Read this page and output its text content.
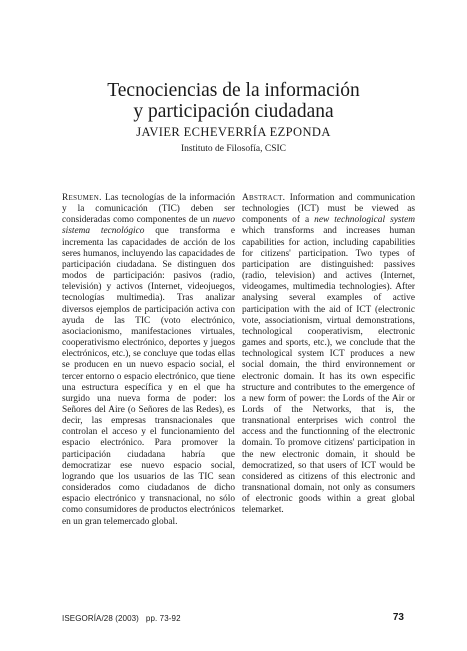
Tecnociencias de la información
y participación ciudadana
JAVIER ECHEVERRÍA EZPONDA
Instituto de Filosofía, CSIC
Resumen. Las tecnologías de la información y la comunicación (TIC) deben ser consideradas como componentes de un nuevo sistema tecnológico que transforma e incrementa las capacidades de acción de los seres humanos, incluyendo las capacidades de participación ciudadana. Se distinguen dos modos de participación: pasivos (radio, televisión) y activos (Internet, videojuegos, tecnologías multimedia). Tras analizar diversos ejemplos de participación activa con ayuda de las TIC (voto electrónico, asociacionismo, manifestaciones virtuales, cooperativismo electrónico, deportes y juegos electrónicos, etc.), se concluye que todas ellas se producen en un nuevo espacio social, el tercer entorno o espacio electrónico, que tiene una estructura específica y en el que ha surgido una nueva forma de poder: los Señores del Aire (o Señores de las Redes), es decir, las empresas transnacionales que controlan el acceso y el funcionamiento del espacio electrónico. Para promover la participación ciudadana habría que democratizar ese nuevo espacio social, logrando que los usuarios de las TIC sean considerados como ciudadanos de dicho espacio electrónico y transnacional, no sólo como consumidores de productos electrónicos en un gran telemercado global.
Abstract. Information and communication technologies (ICT) must be viewed as components of a new technological system which transforms and increases human capabilities for action, including capabilities for citizens' participation. Two types of participation are distinguished: passives (radio, television) and actives (Internet, videogames, multimedia technologies). After analysing several examples of active participation with the aid of ICT (electronic vote, associationism, virtual demonstrations, technological cooperativism, electronic games and sports, etc.), we conclude that the technological system ICT produces a new social domain, the third environnement or electronic domain. It has its own especific structure and contributes to the emergence of a new form of power: the Lords of the Air or Lords of the Networks, that is, the transnational enterprises wich control the access and the functionning of the electronic domain. To promove citizens' participation in the new electronic domain, it should be democratized, so that users of ICT would be considered as citizens of this electronic and transnational domain, not only as consumers of electronic goods within a great global telemarket.
ISEGORÍA/28 (2003) pp. 73-92	73
